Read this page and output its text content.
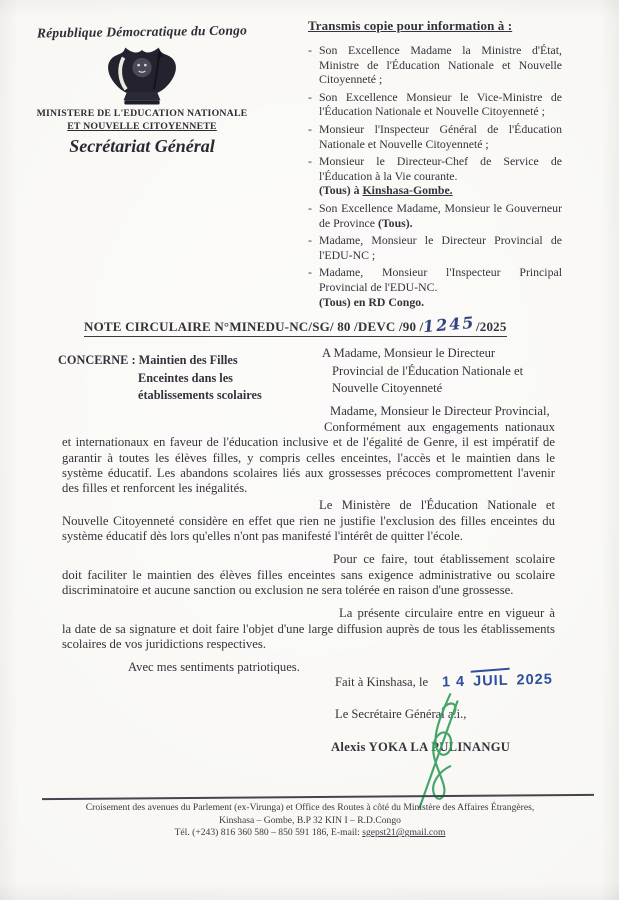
République Démocratique du Congo
MINISTERE DE L'EDUCATION NATIONALE
ET NOUVELLE CITOYENNETE
Secrétariat Général
Transmis copie pour information à :
- Son Excellence Madame la Ministre d'État, Ministre de l'Éducation Nationale et Nouvelle Citoyenneté ;
- Son Excellence Monsieur le Vice-Ministre de l'Éducation Nationale et Nouvelle Citoyenneté ;
- Monsieur l'Inspecteur Général de l'Éducation Nationale et Nouvelle Citoyenneté ;
- Monsieur le Directeur-Chef de Service de l'Éducation à la Vie courante.
(Tous) à Kinshasa-Gombe.
- Son Excellence Madame, Monsieur le Gouverneur de Province (Tous).
- Madame, Monsieur le Directeur Provincial de l'EDU-NC ;
- Madame, Monsieur l'Inspecteur Principal Provincial de l'EDU-NC.
(Tous) en RD Congo.
NOTE CIRCULAIRE N°MINEDU-NC/SG/ 80 /DEVC /90 /1245/2025
CONCERNE : Maintien des Filles
Enceintes dans les
établissements scolaires
A Madame, Monsieur le Directeur
Provincial de l'Éducation Nationale et
Nouvelle Citoyenneté
Madame, Monsieur le Directeur Provincial,

Conformément aux engagements nationaux et internationaux en faveur de l'éducation inclusive et de l'égalité de Genre, il est impératif de garantir à toutes les élèves filles, y compris celles enceintes, l'accès et le maintien dans le système éducatif. Les abandons scolaires liés aux grossesses précoces compromettent l'avenir des filles et renforcent les inégalités.

Le Ministère de l'Éducation Nationale et Nouvelle Citoyenneté considère en effet que rien ne justifie l'exclusion des filles enceintes du système éducatif dès lors qu'elles n'ont pas manifesté l'intérêt de quitter l'école.

Pour ce faire, tout établissement scolaire doit faciliter le maintien des élèves filles enceintes sans exigence administrative ou scolaire discriminatoire et aucune sanction ou exclusion ne sera tolérée en raison d'une grossesse.

La présente circulaire entre en vigueur à la date de sa signature et doit faire l'objet d'une large diffusion auprès de tous les établissements scolaires de vos juridictions respectives.

Avec mes sentiments patriotiques.
Fait à Kinshasa, le 1 4 JUIL 2025
Le Secrétaire Général a.i.,
Alexis YOKA LA PULINANGU
Croisement des avenues du Parlement (ex-Virunga) et Office des Routes à côté du Ministère des Affaires Étrangères,
Kinshasa – Gombe, B.P 32 KIN I – R.D.Congo
Tél. (+243) 816 360 580 – 850 591 186, E-mail: sgepst21@gmail.com
